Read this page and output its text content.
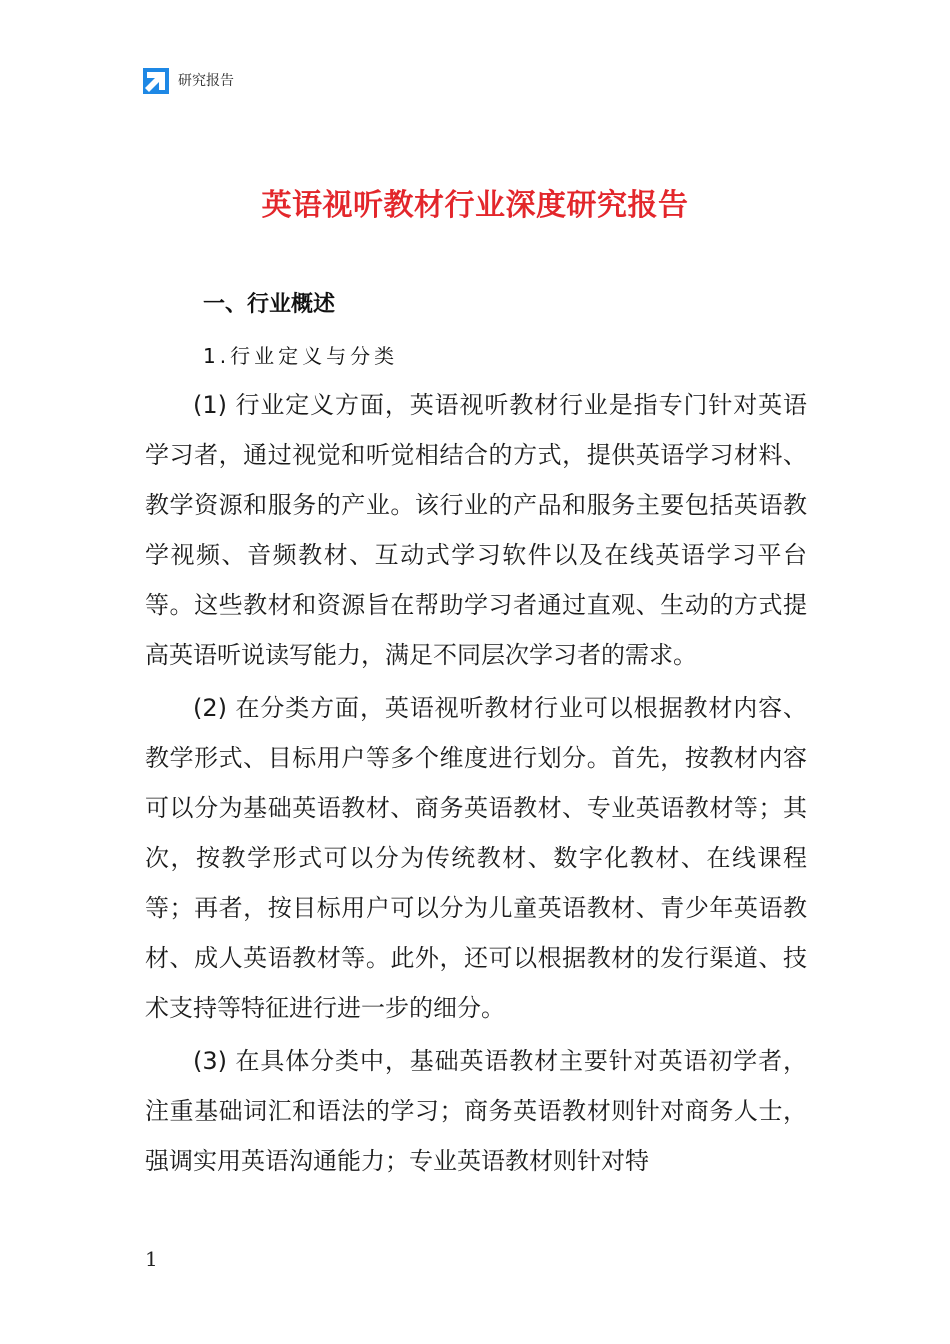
研究报告
英语视听教材行业深度研究报告
一、行业概述
1.行业定义与分类

(1) 行业定义方面，英语视听教材行业是指专门针对英语学习者，通过视觉和听觉相结合的方式，提供英语学习材料、教学资源和服务的产业。该行业的产品和服务主要包括英语教学视频、音频教材、互动式学习软件以及在线英语学习平台等。这些教材和资源旨在帮助学习者通过直观、生动的方式提高英语听说读写能力，满足不同层次学习者的需求。

(2) 在分类方面，英语视听教材行业可以根据教材内容、教学形式、目标用户等多个维度进行划分。首先，按教材内容可以分为基础英语教材、商务英语教材、专业英语教材等；其次，按教学形式可以分为传统教材、数字化教材、在线课程等；再者，按目标用户可以分为儿童英语教材、青少年英语教材、成人英语教材等。此外，还可以根据教材的发行渠道、技术支持等特征进行进一步的细分。

(3) 在具体分类中，基础英语教材主要针对英语初学者，注重基础词汇和语法的学习；商务英语教材则针对商务人士，强调实用英语沟通能力；专业英语教材则针对特

1
